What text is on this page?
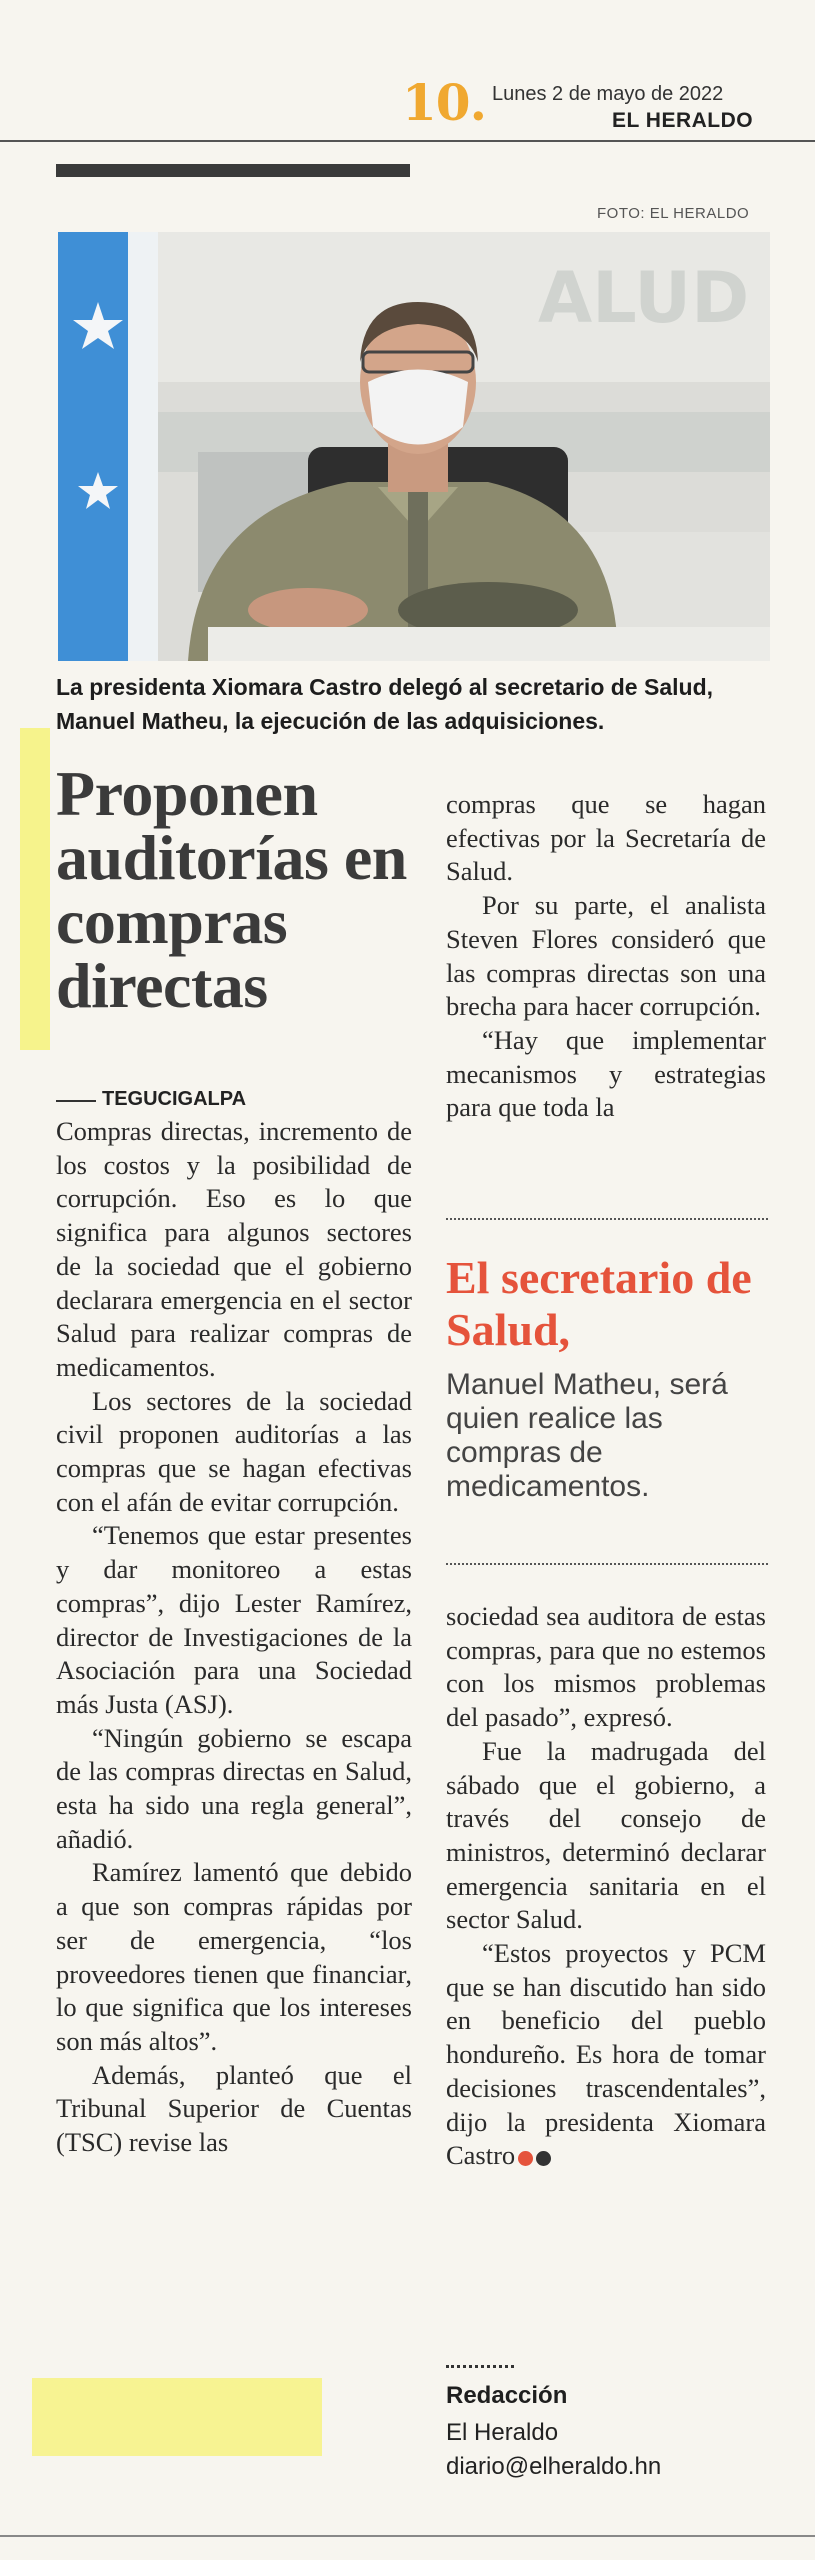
10. Lunes 2 de mayo de 2022
EL HERALDO
FOTO: EL HERALDO
ALUD
La presidenta Xiomara Castro delegó al secretario de Salud, Manuel Matheu, la ejecución de las adquisiciones.
Proponen auditorías en compras directas
TEGUCIGALPA

Compras directas, incremento de los costos y la posibilidad de corrupción. Eso es lo que significa para algunos sectores de la sociedad que el gobierno declarara emergencia en el sector Salud para realizar compras de medicamentos.

Los sectores de la sociedad civil proponen auditorías a las compras que se hagan efectivas con el afán de evitar corrupción.

“Tenemos que estar presentes y dar monitoreo a estas compras”, dijo Lester Ramírez, director de Investigaciones de la Asociación para una Sociedad más Justa (ASJ).

“Ningún gobierno se escapa de las compras directas en Salud, esta ha sido una regla general”, añadió.

Ramírez lamentó que debido a que son compras rápidas por ser de emergencia, “los proveedores tienen que financiar, lo que significa que los intereses son más altos”.

Además, planteó que el Tribunal Superior de Cuentas (TSC) revise las

compras que se hagan efectivas por la Secretaría de Salud.

Por su parte, el analista Steven Flores consideró que las compras directas son una brecha para hacer corrupción.

“Hay que implementar mecanismos y estrategias para que toda la

El secretario de Salud,
Manuel Matheu, será quien realice las compras de medicamentos.

sociedad sea auditora de estas compras, para que no estemos con los mismos problemas del pasado”, expresó.

Fue la madrugada del sábado que el gobierno, a través del consejo de ministros, determinó declarar emergencia sanitaria en el sector Salud.

“Estos proyectos y PCM que se han discutido han sido en beneficio del pueblo hondureño. Es hora de tomar decisiones trascendentales”, dijo la presidenta Xiomara Castro

Redacción
El Heraldo
diario@elheraldo.hn
